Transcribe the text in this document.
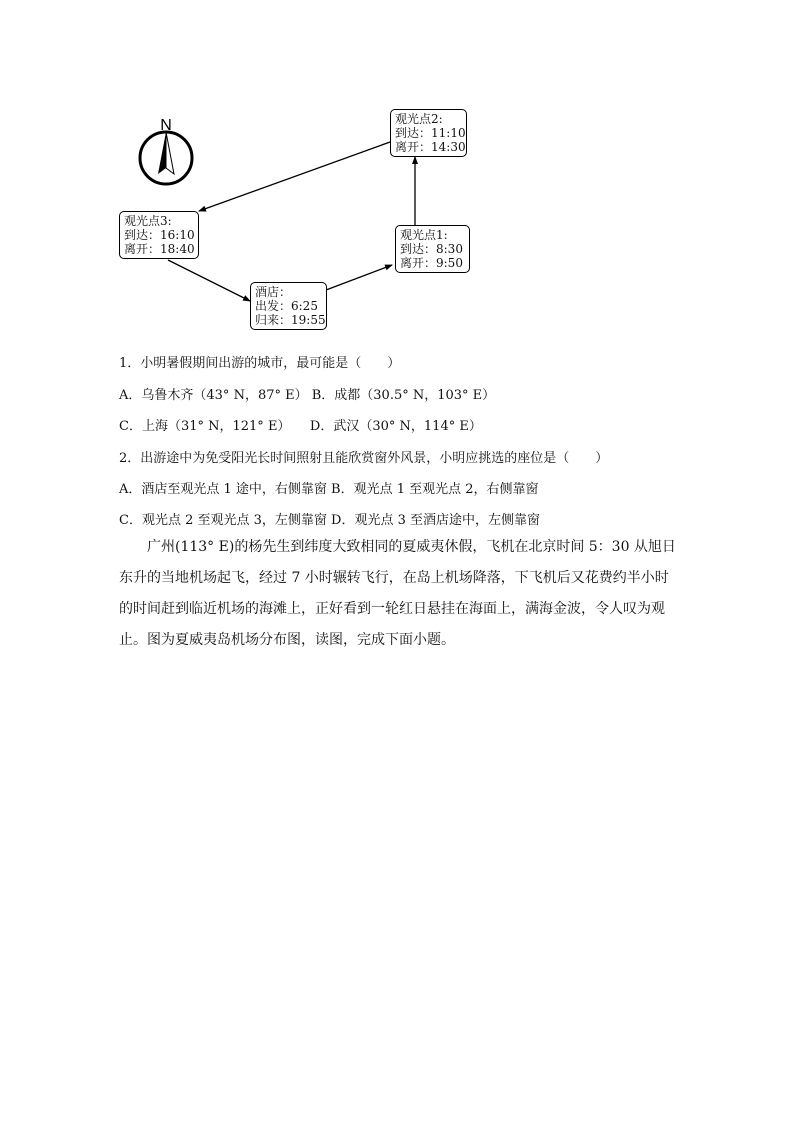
N	观光点2:
到达：11:10
离开：14:30
观光点3:
到达：16:10
离开：18:40
观光点1:
到达：8:30
离开：9:50
酒店：
出发：6:25
归来：19:55
1．小明暑假期间出游的城市，最可能是（　　）
A．乌鲁木齐（43° N，87° E） B．成都（30.5° N，103° E）
C．上海（31° N，121° E）　　D．武汉（30° N，114° E）
2．出游途中为免受阳光长时间照射且能欣赏窗外风景，小明应挑选的座位是（　　）
A．酒店至观光点 1 途中，右侧靠窗 B．观光点 1 至观光点 2，右侧靠窗
C．观光点 2 至观光点 3，左侧靠窗 D．观光点 3 至酒店途中，左侧靠窗
广州(113° E)的杨先生到纬度大致相同的夏威夷休假，飞机在北京时间 5：30 从旭日东升的当地机场起飞，经过 7 小时辗转飞行，在岛上机场降落，下飞机后又花费约半小时的时间赶到临近机场的海滩上，正好看到一轮红日悬挂在海面上，满海金波，令人叹为观止。图为夏威夷岛机场分布图，读图，完成下面小题。
